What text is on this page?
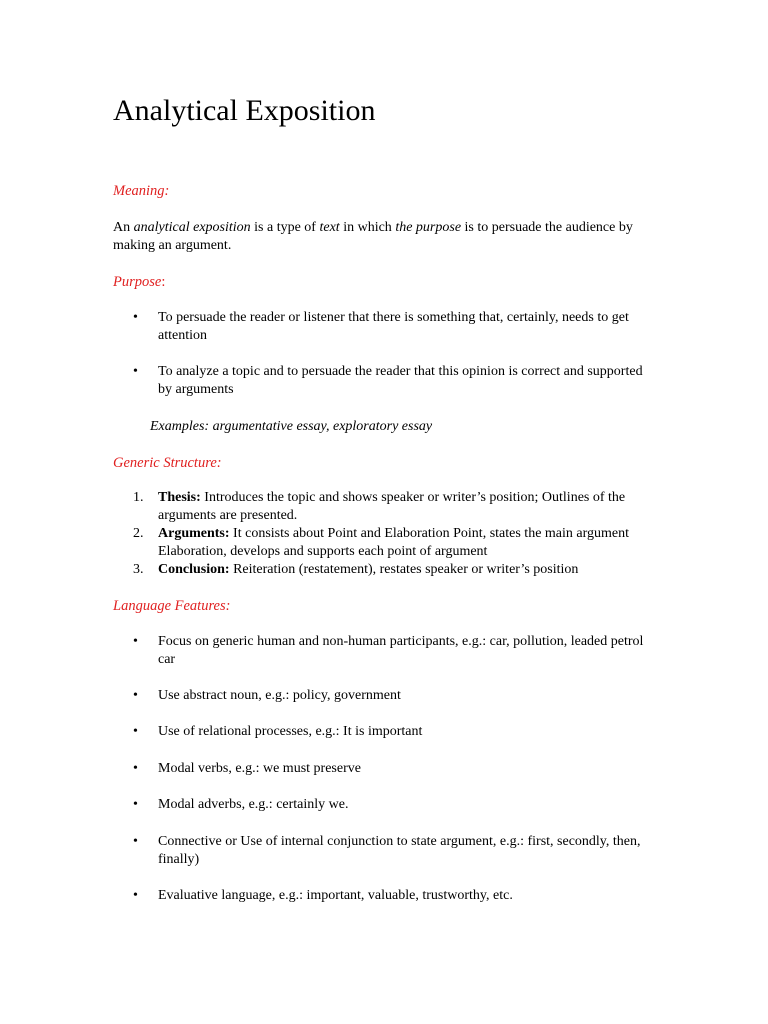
Analytical Exposition
Meaning:
An analytical exposition is a type of text in which the purpose is to persuade the audience by making an argument.
Purpose:
• To persuade the reader or listener that there is something that, certainly, needs to get attention
• To analyze a topic and to persuade the reader that this opinion is correct and supported by arguments
Examples: argumentative essay, exploratory essay
Generic Structure:
1. Thesis: Introduces the topic and shows speaker or writer’s position; Outlines of the arguments are presented.
2. Arguments: It consists about Point and Elaboration Point, states the main argument Elaboration, develops and supports each point of argument
3. Conclusion: Reiteration (restatement), restates speaker or writer’s position
Language Features:
• Focus on generic human and non-human participants, e.g.: car, pollution, leaded petrol car
• Use abstract noun, e.g.: policy, government
• Use of relational processes, e.g.: It is important
• Modal verbs, e.g.: we must preserve
• Modal adverbs, e.g.: certainly we.
• Connective or Use of internal conjunction to state argument, e.g.: first, secondly, then, finally)
• Evaluative language, e.g.: important, valuable, trustworthy, etc.
